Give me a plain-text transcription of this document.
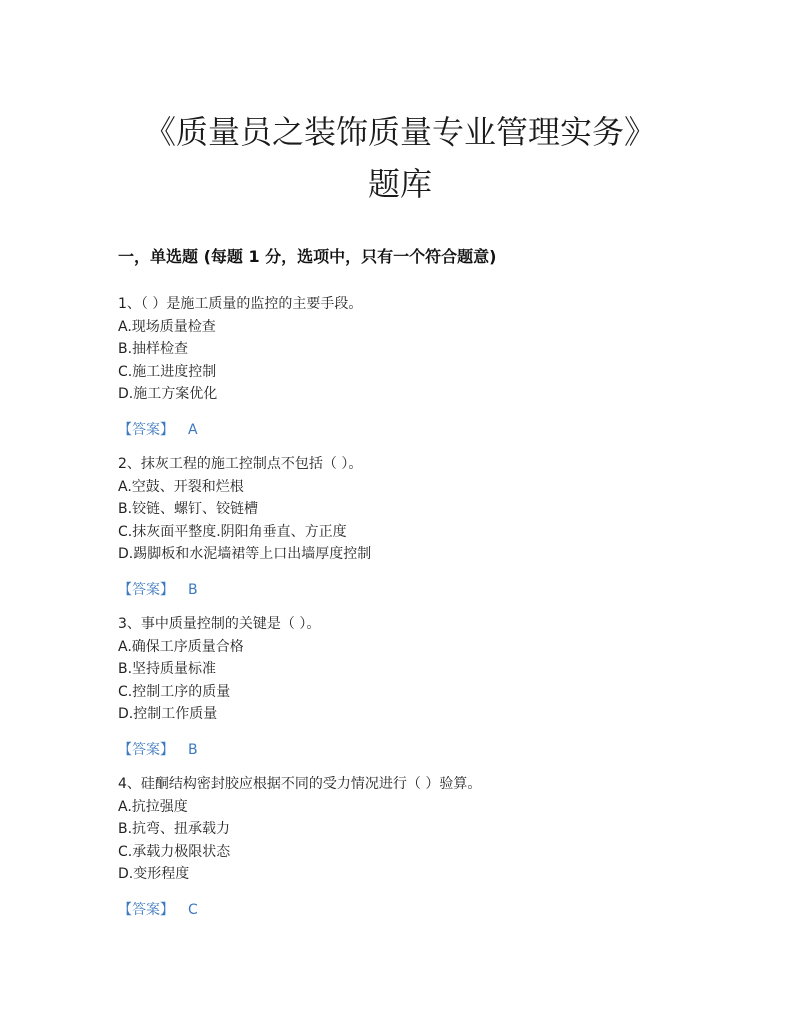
《质量员之装饰质量专业管理实务》
题库
一，单选题 (每题 1 分，选项中，只有一个符合题意)
1、（ ）是施工质量的监控的主要手段。
A.现场质量检查
B.抽样检查
C.施工进度控制
D.施工方案优化
【答案】 A
2、抹灰工程的施工控制点不包括（ ）。
A.空鼓、开裂和烂根
B.铰链、螺钉、铰链槽
C.抹灰面平整度.阴阳角垂直、方正度
D.踢脚板和水泥墙裙等上口出墙厚度控制
【答案】 B
3、事中质量控制的关键是（ ）。
A.确保工序质量合格
B.坚持质量标准
C.控制工序的质量
D.控制工作质量
【答案】 B
4、硅酮结构密封胶应根据不同的受力情况进行（ ）验算。
A.抗拉强度
B.抗弯、扭承载力
C.承载力极限状态
D.变形程度
【答案】 C
